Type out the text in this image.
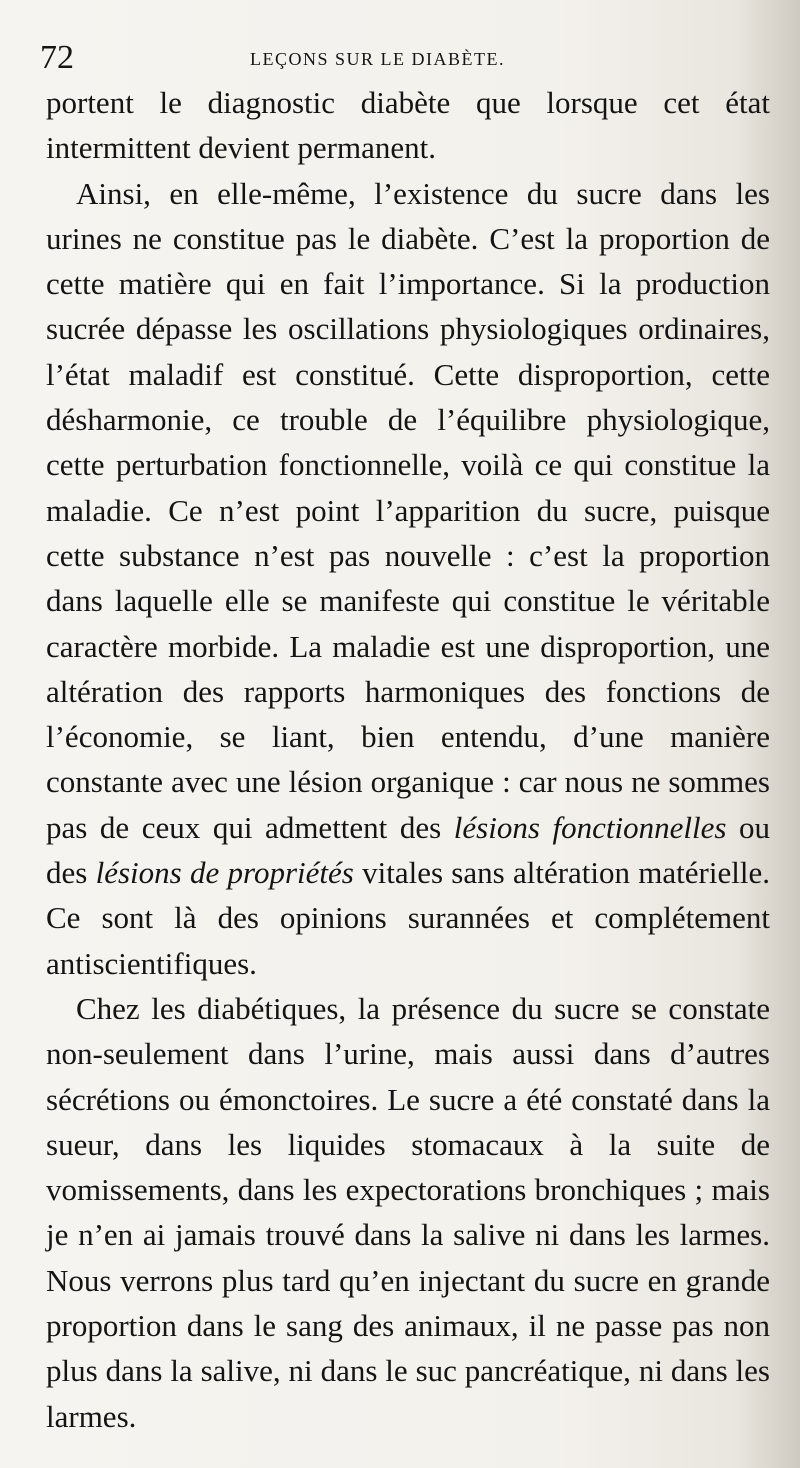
72	LEÇONS SUR LE DIABÈTE.

portent le diagnostic diabète que lorsque cet état intermittent devient permanent.

Ainsi, en elle-même, l’existence du sucre dans les urines ne constitue pas le diabète. C’est la proportion de cette matière qui en fait l’importance. Si la production sucrée dépasse les oscillations physiologiques ordinaires, l’état maladif est constitué. Cette disproportion, cette désharmonie, ce trouble de l’équilibre physiologique, cette perturbation fonctionnelle, voilà ce qui constitue la maladie. Ce n’est point l’apparition du sucre, puisque cette substance n’est pas nouvelle : c’est la proportion dans laquelle elle se manifeste qui constitue le véritable caractère morbide. La maladie est une disproportion, une altération des rapports harmoniques des fonctions de l’économie, se liant, bien entendu, d’une manière constante avec une lésion organique : car nous ne sommes pas de ceux qui admettent des lésions fonctionnelles ou des lésions de propriétés vitales sans altération matérielle. Ce sont là des opinions surannées et complétement antiscientifiques.

Chez les diabétiques, la présence du sucre se constate non-seulement dans l’urine, mais aussi dans d’autres sécrétions ou émonctoires. Le sucre a été constaté dans la sueur, dans les liquides stomacaux à la suite de vomissements, dans les expectorations bronchiques ; mais je n’en ai jamais trouvé dans la salive ni dans les larmes. Nous verrons plus tard qu’en injectant du sucre en grande proportion dans le sang des animaux, il ne passe pas non plus dans la salive, ni dans le suc pancréatique, ni dans les larmes.
